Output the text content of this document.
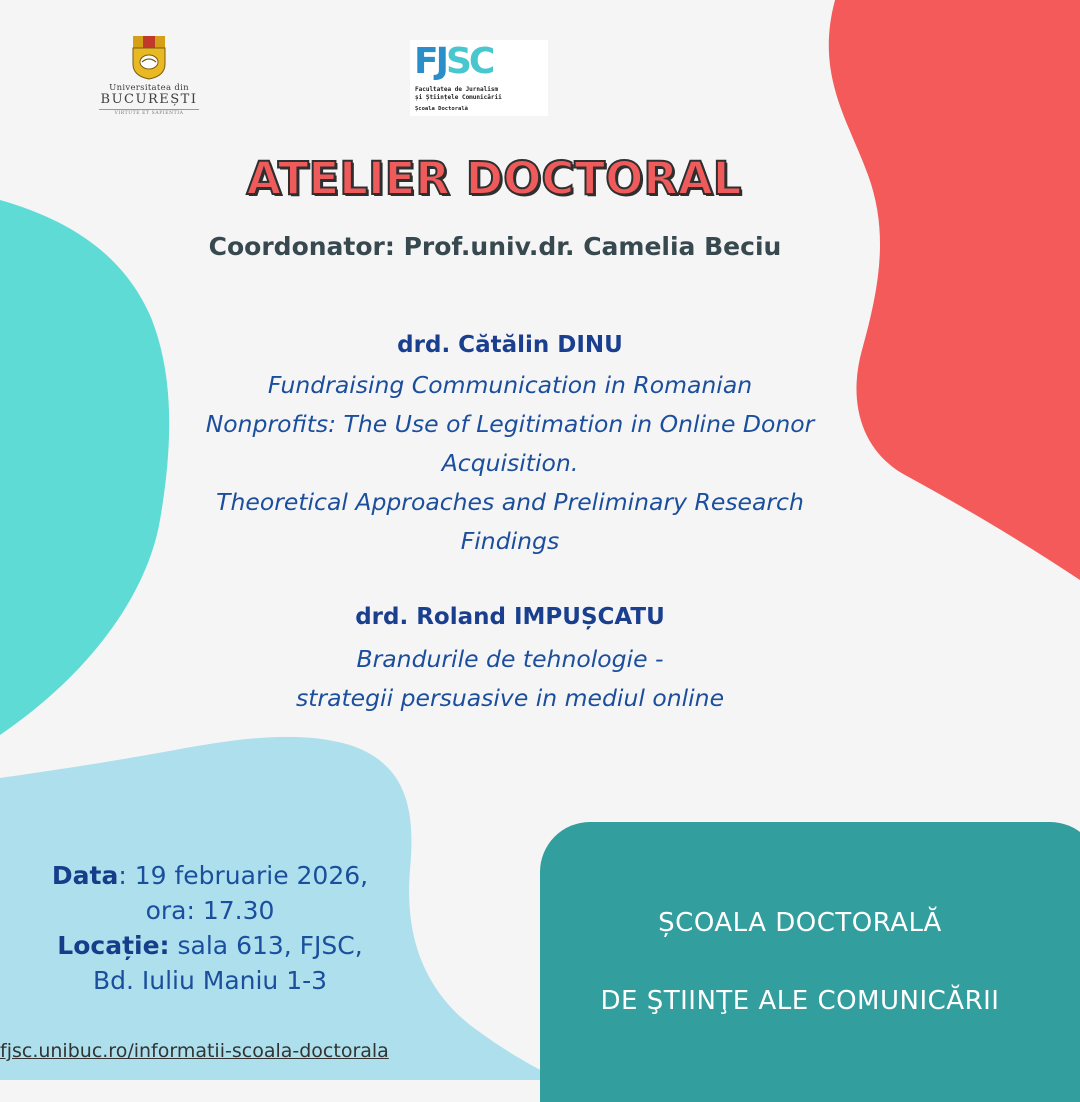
Universitatea din
BUCUREȘTI
VIRTUTE ET SAPIENTIA
FJSC
Facultatea de Jurnalism
și Științele Comunicării
Școala Doctorală
ATELIER DOCTORAL
Coordonator: Prof.univ.dr. Camelia Beciu
drd. Cătălin DINU
Fundraising Communication in Romanian
Nonprofits: The Use of Legitimation in Online Donor
Acquisition.
Theoretical Approaches and Preliminary Research
Findings
drd. Roland IMPUȘCATU
Brandurile de tehnologie -
strategii persuasive in mediul online
Data: 19 februarie 2026,
ora: 17.30
Locație: sala 613, FJSC,
Bd. Iuliu Maniu 1-3
fjsc.unibuc.ro/informatii-scoala-doctorala
ȘCOALA DOCTORALĂ
DE ŞTIINŢE ALE COMUNICĂRII
